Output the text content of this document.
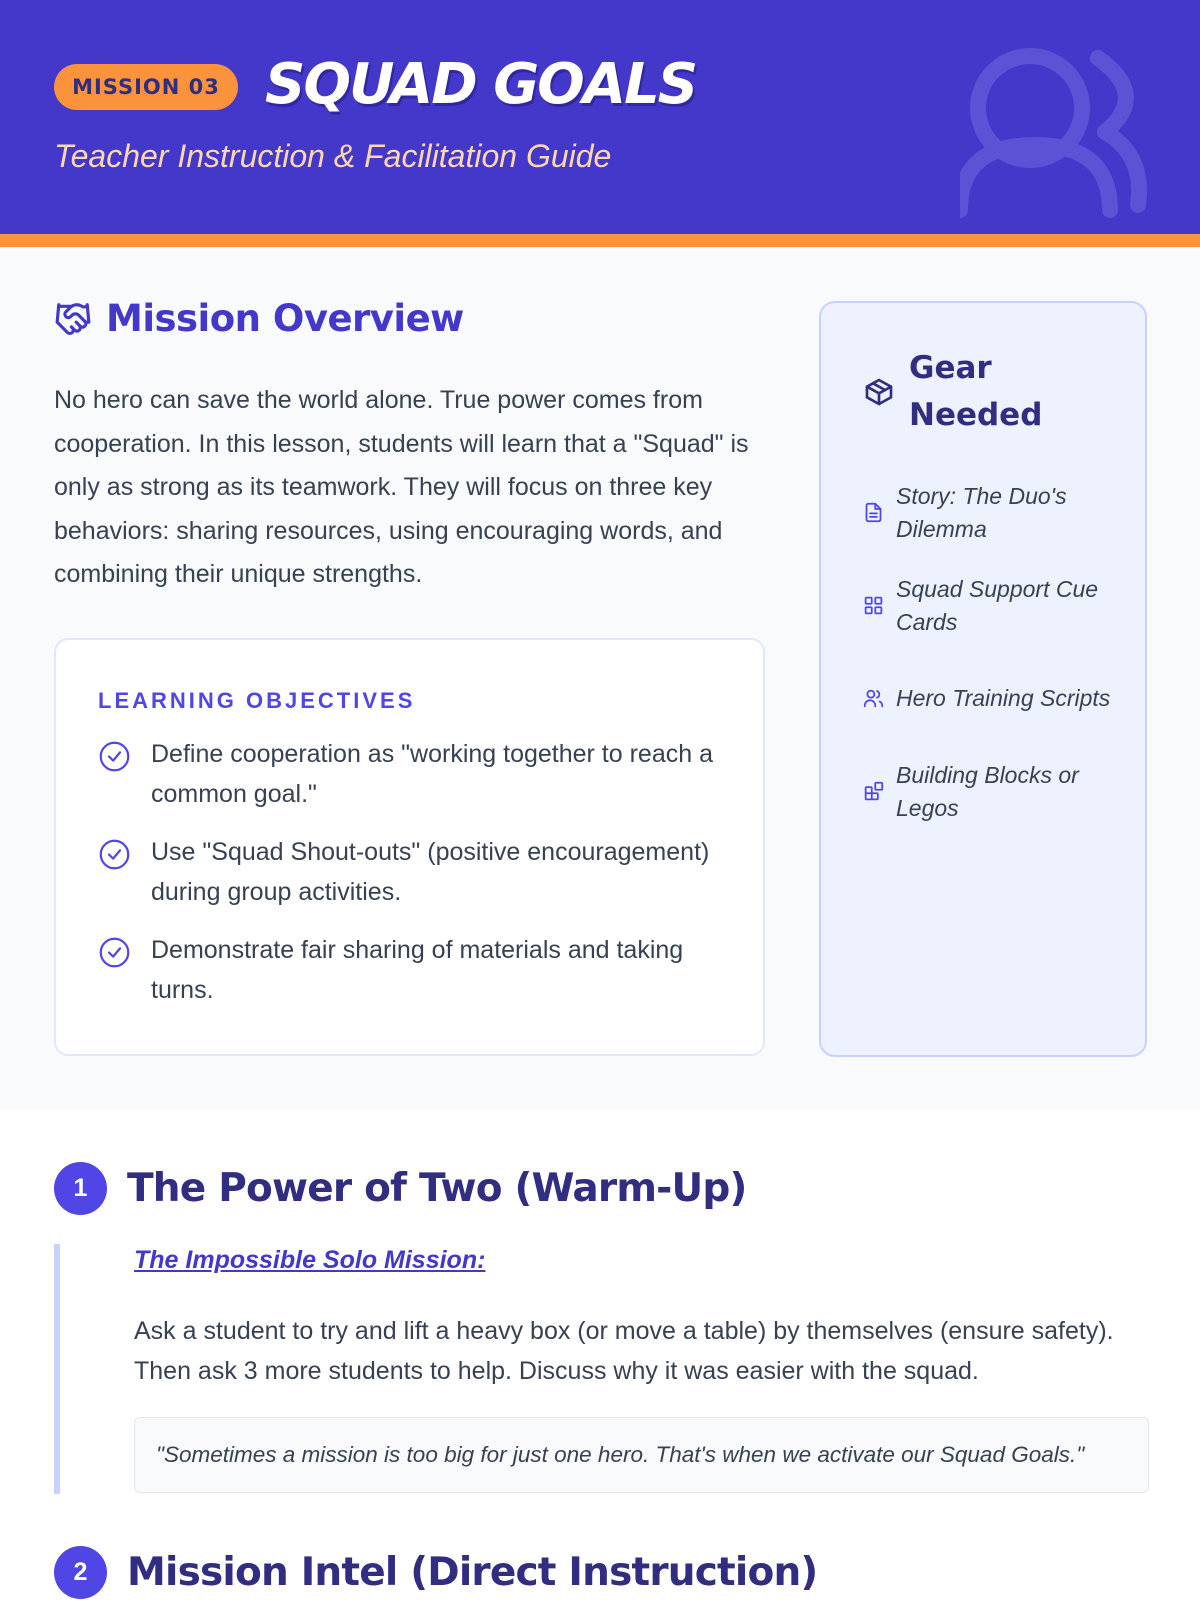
MISSION 03 SQUAD GOALS
Teacher Instruction & Facilitation Guide
Mission Overview

No hero can save the world alone. True power comes from cooperation. In this lesson, students will learn that a "Squad" is only as strong as its teamwork. They will focus on three key behaviors: sharing resources, using encouraging words, and combining their unique strengths.

LEARNING OBJECTIVES
Define cooperation as "working together to reach a common goal."
Use "Squad Shout-outs" (positive encouragement) during group activities.
Demonstrate fair sharing of materials and taking turns.
Gear Needed
Story: The Duo's Dilemma
Squad Support Cue Cards
Hero Training Scripts
Building Blocks or Legos
1	The Power of Two (Warm-Up)
The Impossible Solo Mission:

Ask a student to try and lift a heavy box (or move a table) by themselves (ensure safety). Then ask 3 more students to help. Discuss why it was easier with the squad.

"Sometimes a mission is too big for just one hero. That's when we activate our Squad Goals."
2	Mission Intel (Direct Instruction)
